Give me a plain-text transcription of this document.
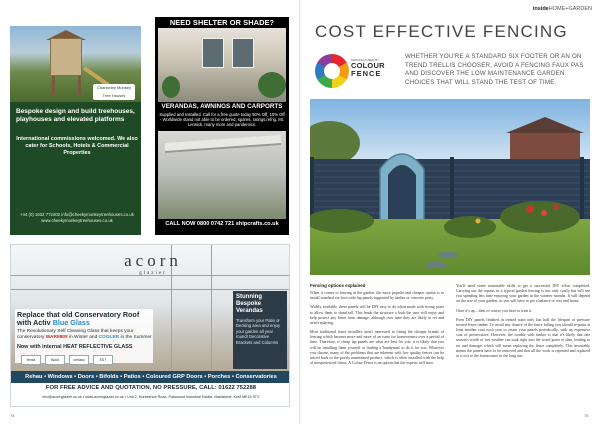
Chanceley Monkey Tree Houses
Bespoke design and build treehouses, playhouses and elevated platforms
International commissions welcomed. We also cater for Schools, Hotels & Commercial Properties
+44 (0) 1632 772402 info@cheekymonkeytreehouses.co.uk www.cheekymonkeytreehouses.co.uk
NEED SHELTER OR SHADE?
VERANDAS, AWNINGS AND CARPORTS
Supplied and Installed. Call for a free quote today 50% Off, 10% Off - Worldwide stand not able to be ordered, spares, ratings,refrig. Mt. Lerwick, many more and pandemics.
CALL NOW 0800 0742 721 shipcrafts.co.uk
acorn
glazier
Replace that old Conservatory Roof
with Activ Blue Glass
The Revolutionary Self Cleaning Glass that keeps your conservatory WARMER in Winter and COOLER in the Summer.
Now with internal HEAT REFLECTIVE GLASS
fensa	Build	certass	EST
Stunning Bespoke Verandas
Transform your Patio or Decking area and enjoy your garden all year round! Decorative Brackets and Columns
Rehau • Windows • Doors • Bifolds • Patios • Coloured GRP Doors • Porches • Conservatories
FOR FREE ADVICE AND QUOTATION, NO PRESSURE, CALL: 01622 752288
info@acornglazier.co.uk • www.acornglazier.co.uk • Unit 2, Horseshoe Road, Parkwood Industrial Estate, Maidstone, Kent ME15 9TX
74
insideHOME+GARDEN
COST EFFECTIVE FENCING
MANUFACTURED BY
COLOUR
FENCE
WHETHER YOU'RE A STANDARD SIX FOOTER OR AN ON TREND TRELLIS CHOOSER, AVOID A FENCING FAUX PAS AND DISCOVER THE LOW MAINTENANCE GARDEN CHOICES THAT WILL STAND THE TEST OF TIME.
Fencing options explained

When it comes to fencing in the garden, the more popular and cheaper option is to install standard six-foot wide lap panels supported by timber or concrete posts.

Widely available, these panels will be DIY easy to do when made with strong posts to allow them to stand tall. This lends the structure a look the user will enjoy and help protect any fence from damage, although over time they are likely to rot and need replacing.

Most traditional fence installers aren't interested in fitting the cheaper brands of fencing which become more and more of an issue for homeowners over a period of time. Therefore, if cheap lap panels are what are best for you, it is likely that you will be installing them yourself or finding a 'handyman' to do it for you. Whatever you choose, many of the problems that are inherent with low quality fences can be traced back to the poorly maintained product, which is often installed with the help of inexperienced fitters. A Colour Fence is an option that the experts will trust.

You'll need some reasonable skills to get a successful DIY effort completed. Carrying out the repairs in a typical garden fencing is not only costly but will see you spending less time enjoying your garden in the warmer months. It will depend on the size of your garden, so you will have to get a balance of cost and hours.

Once it's up – then of course you have to treat it.

Even DIY panels finished in treated stain only last half the lifespan of pressure treated fence timber. To avoid any chance of the fence failing you should re-paint at least another coat each year to retain your panels periodically, with an expensive coat of preservative. However, the trouble with timber is that it's likely that one season's worth of wet weather can soak right into the wood grain or slats, leading to rot and damage, which will mean replacing the fence completely. This invariably means the panels have to be removed and that all the work is repeated and replaced at a cost to the homeowner in the long run.

75
